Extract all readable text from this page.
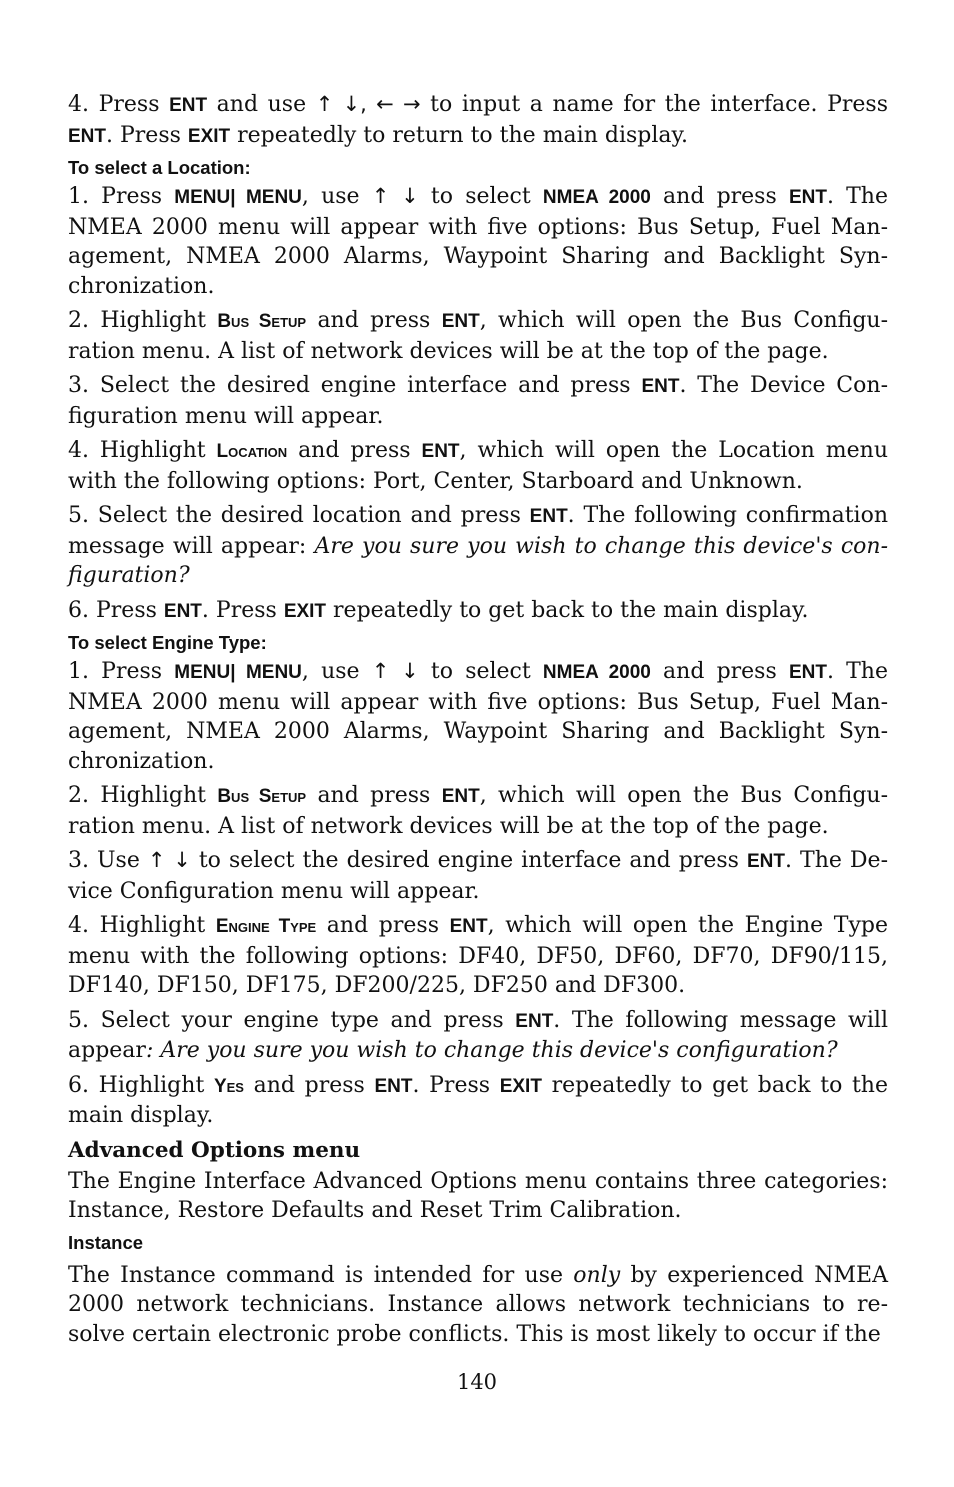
4. Press ENT and use ↑ ↓, ← → to input a name for the interface. Press ENT. Press EXIT repeatedly to return to the main display.

To select a Location:

1. Press MENU| MENU, use ↑ ↓ to select NMEA 2000 and press ENT. The NMEA 2000 menu will appear with five options: Bus Setup, Fuel Management, NMEA 2000 Alarms, Waypoint Sharing and Backlight Synchronization.

2. Highlight Bus Setup and press ENT, which will open the Bus Configuration menu. A list of network devices will be at the top of the page.

3. Select the desired engine interface and press ENT. The Device Configuration menu will appear.

4. Highlight Location and press ENT, which will open the Location menu with the following options: Port, Center, Starboard and Unknown.

5. Select the desired location and press ENT. The following confirmation message will appear: Are you sure you wish to change this device's configuration?

6. Press ENT. Press EXIT repeatedly to get back to the main display.

To select Engine Type:

1. Press MENU| MENU, use ↑ ↓ to select NMEA 2000 and press ENT. The NMEA 2000 menu will appear with five options: Bus Setup, Fuel Management, NMEA 2000 Alarms, Waypoint Sharing and Backlight Synchronization.

2. Highlight Bus Setup and press ENT, which will open the Bus Configuration menu. A list of network devices will be at the top of the page.

3. Use ↑ ↓ to select the desired engine interface and press ENT. The Device Configuration menu will appear.

4. Highlight Engine Type and press ENT, which will open the Engine Type menu with the following options: DF40, DF50, DF60, DF70, DF90/115, DF140, DF150, DF175, DF200/225, DF250 and DF300.

5. Select your engine type and press ENT. The following message will appear: Are you sure you wish to change this device's configuration?

6. Highlight Yes and press ENT. Press EXIT repeatedly to get back to the main display.

Advanced Options menu

The Engine Interface Advanced Options menu contains three categories: Instance, Restore Defaults and Reset Trim Calibration.

Instance

The Instance command is intended for use only by experienced NMEA 2000 network technicians. Instance allows network technicians to resolve certain electronic probe conflicts. This is most likely to occur if the

140
